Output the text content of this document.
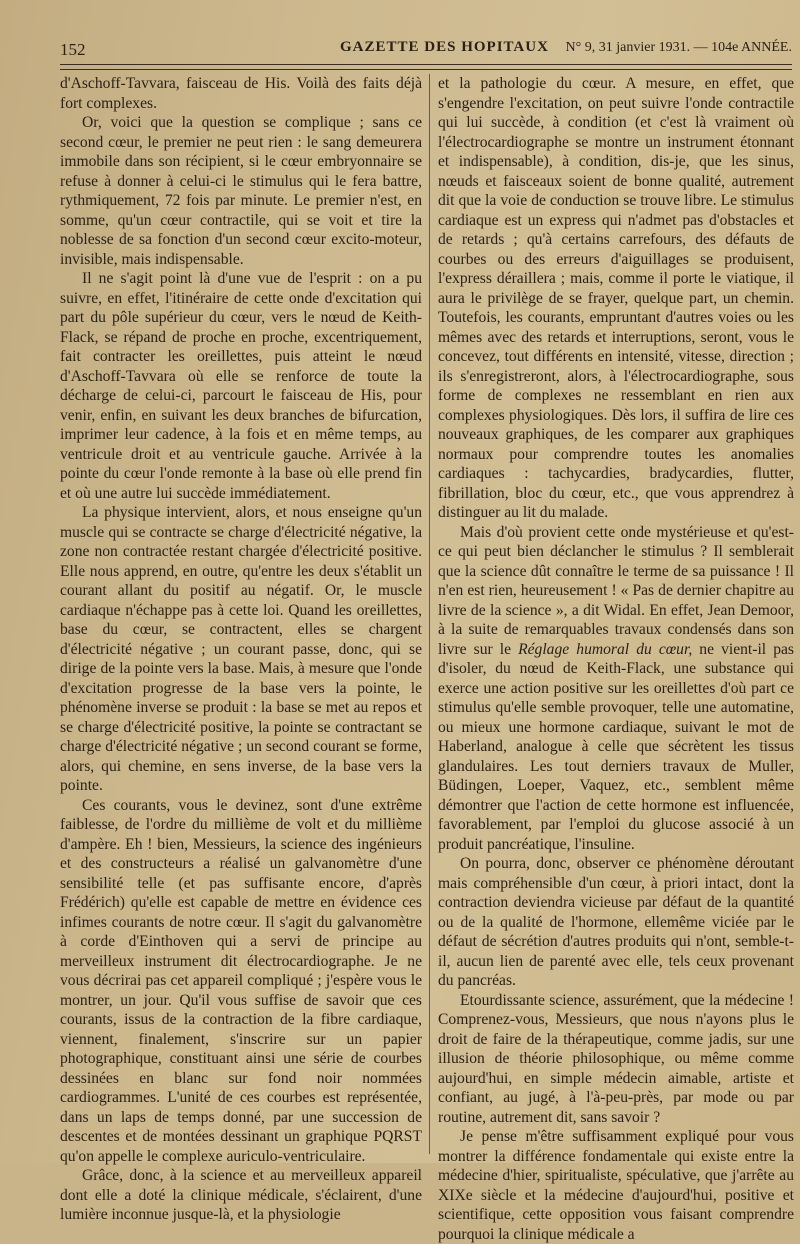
152	GAZETTE DES HOPITAUX N° 9, 31 janvier 1931. — 104e ANNÉE.

d'Aschoff-Tavvara, faisceau de His. Voilà des faits déjà fort complexes.

Or, voici que la question se complique ; sans ce second cœur, le premier ne peut rien : le sang demeurera immobile dans son récipient, si le cœur embryonnaire se refuse à donner à celui-ci le stimulus qui le fera battre, rythmiquement, 72 fois par minute. Le premier n'est, en somme, qu'un cœur contractile, qui se voit et tire la noblesse de sa fonction d'un second cœur excito-moteur, invisible, mais indispensable.

Il ne s'agit point là d'une vue de l'esprit : on a pu suivre, en effet, l'itinéraire de cette onde d'excitation qui part du pôle supérieur du cœur, vers le nœud de Keith-Flack, se répand de proche en proche, excentriquement, fait contracter les oreillettes, puis atteint le nœud d'Aschoff-Tavvara où elle se renforce de toute la décharge de celui-ci, parcourt le faisceau de His, pour venir, enfin, en suivant les deux branches de bifurcation, imprimer leur cadence, à la fois et en même temps, au ventricule droit et au ventricule gauche. Arrivée à la pointe du cœur l'onde remonte à la base où elle prend fin et où une autre lui succède immédiatement.

La physique intervient, alors, et nous enseigne qu'un muscle qui se contracte se charge d'électricité négative, la zone non contractée restant chargée d'électricité positive. Elle nous apprend, en outre, qu'entre les deux s'établit un courant allant du positif au négatif. Or, le muscle cardiaque n'échappe pas à cette loi. Quand les oreillettes, base du cœur, se contractent, elles se chargent d'électricité négative ; un courant passe, donc, qui se dirige de la pointe vers la base. Mais, à mesure que l'onde d'excitation progresse de la base vers la pointe, le phénomène inverse se produit : la base se met au repos et se charge d'électricité positive, la pointe se contractant se charge d'électricité négative ; un second courant se forme, alors, qui chemine, en sens inverse, de la base vers la pointe.

Ces courants, vous le devinez, sont d'une extrême faiblesse, de l'ordre du millième de volt et du millième d'ampère. Eh ! bien, Messieurs, la science des ingénieurs et des constructeurs a réalisé un galvanomètre d'une sensibilité telle (et pas suffisante encore, d'après Frédérich) qu'elle est capable de mettre en évidence ces infimes courants de notre cœur. Il s'agit du galvanomètre à corde d'Einthoven qui a servi de principe au merveilleux instrument dit électrocardiographe. Je ne vous décrirai pas cet appareil compliqué ; j'espère vous le montrer, un jour. Qu'il vous suffise de savoir que ces courants, issus de la contraction de la fibre cardiaque, viennent, finalement, s'inscrire sur un papier photographique, constituant ainsi une série de courbes dessinées en blanc sur fond noir nommées cardiogrammes. L'unité de ces courbes est représentée, dans un laps de temps donné, par une succession de descentes et de montées dessinant un graphique PQRST qu'on appelle le complexe auriculo-ventriculaire.

Grâce, donc, à la science et au merveilleux appareil dont elle a doté la clinique médicale, s'éclairent, d'une lumière inconnue jusque-là, et la physiologie

et la pathologie du cœur. A mesure, en effet, que s'engendre l'excitation, on peut suivre l'onde contractile qui lui succède, à condition (et c'est là vraiment où l'électrocardiographe se montre un instrument étonnant et indispensable), à condition, dis-je, que les sinus, nœuds et faisceaux soient de bonne qualité, autrement dit que la voie de conduction se trouve libre. Le stimulus cardiaque est un express qui n'admet pas d'obstacles et de retards ; qu'à certains carrefours, des défauts de courbes ou des erreurs d'aiguillages se produisent, l'express déraillera ; mais, comme il porte le viatique, il aura le privilège de se frayer, quelque part, un chemin. Toutefois, les courants, empruntant d'autres voies ou les mêmes avec des retards et interruptions, seront, vous le concevez, tout différents en intensité, vitesse, direction ; ils s'enregistreront, alors, à l'électrocardiographe, sous forme de complexes ne ressemblant en rien aux complexes physiologiques. Dès lors, il suffira de lire ces nouveaux graphiques, de les comparer aux graphiques normaux pour comprendre toutes les anomalies cardiaques : tachycardies, bradycardies, flutter, fibrillation, bloc du cœur, etc., que vous apprendrez à distinguer au lit du malade.

Mais d'où provient cette onde mystérieuse et qu'est-ce qui peut bien déclancher le stimulus ? Il semblerait que la science dût connaître le terme de sa puissance ! Il n'en est rien, heureusement ! « Pas de dernier chapitre au livre de la science », a dit Widal. En effet, Jean Demoor, à la suite de remarquables travaux condensés dans son livre sur le Réglage humoral du cœur, ne vient-il pas d'isoler, du nœud de Keith-Flack, une substance qui exerce une action positive sur les oreillettes d'où part ce stimulus qu'elle semble provoquer, telle une automatine, ou mieux une hormone cardiaque, suivant le mot de Haberland, analogue à celle que sécrètent les tissus glandulaires. Les tout derniers travaux de Muller, Büdingen, Loeper, Vaquez, etc., semblent même démontrer que l'action de cette hormone est influencée, favorablement, par l'emploi du glucose associé à un produit pancréatique, l'insuline.

On pourra, donc, observer ce phénomène déroutant mais compréhensible d'un cœur, à priori intact, dont la contraction deviendra vicieuse par défaut de la quantité ou de la qualité de l'hormone, ellemême viciée par le défaut de sécrétion d'autres produits qui n'ont, semble-t-il, aucun lien de parenté avec elle, tels ceux provenant du pancréas.

Etourdissante science, assurément, que la médecine ! Comprenez-vous, Messieurs, que nous n'ayons plus le droit de faire de la thérapeutique, comme jadis, sur une illusion de théorie philosophique, ou même comme aujourd'hui, en simple médecin aimable, artiste et confiant, au jugé, à l'à-peu-près, par mode ou par routine, autrement dit, sans savoir ?

Je pense m'être suffisamment expliqué pour vous montrer la différence fondamentale qui existe entre la médecine d'hier, spiritualiste, spéculative, que j'arrête au XIXe siècle et la médecine d'aujourd'hui, positive et scientifique, cette opposition vous faisant comprendre pourquoi la clinique médicale a
